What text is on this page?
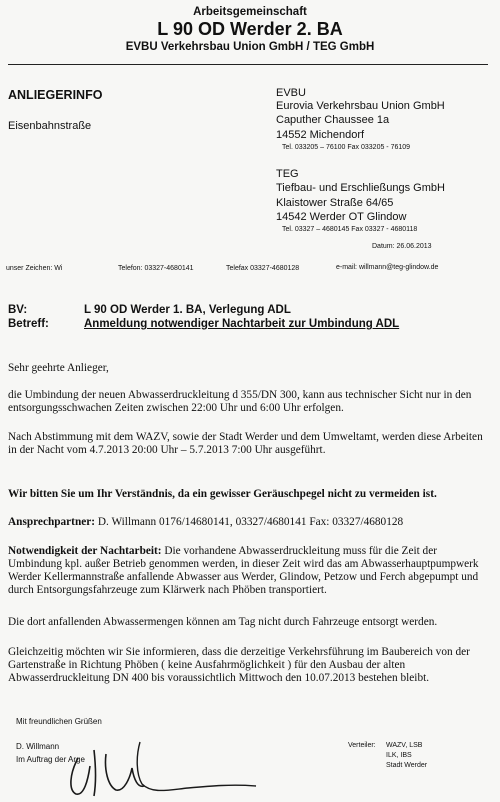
Arbeitsgemeinschaft
L 90 OD Werder 2. BA
EVBU Verkehrsbau Union GmbH / TEG GmbH
ANLIEGERINFO
Eisenbahnstraße
EVBU
Eurovia Verkehrsbau Union GmbH
Caputher Chaussee 1a
14552 Michendorf
Tel. 033205 – 76100 Fax 033205 - 76109
TEG
Tiefbau- und Erschließungs GmbH
Klaistower Straße 64/65
14542 Werder OT Glindow
Tel. 03327 – 4680145 Fax 03327 - 4680118
Datum: 26.06.2013
unser Zeichen: Wi	Telefon: 03327-4680141	Telefax 03327-4680128	e-mail: willmann@teg-glindow.de
BV:	L 90 OD Werder 1. BA, Verlegung ADL
Betreff:	Anmeldung notwendiger Nachtarbeit zur Umbindung ADL
Sehr geehrte Anlieger,
die Umbindung der neuen Abwasserdruckleitung d 355/DN 300, kann aus technischer Sicht nur in den entsorgungsschwachen Zeiten zwischen 22:00 Uhr und 6:00 Uhr erfolgen.
Nach Abstimmung mit dem WAZV, sowie der Stadt Werder und dem Umweltamt, werden diese Arbeiten in der Nacht vom 4.7.2013 20:00 Uhr – 5.7.2013 7:00 Uhr ausgeführt.
Wir bitten Sie um Ihr Verständnis, da ein gewisser Geräuschpegel nicht zu vermeiden ist.
Ansprechpartner: D. Willmann 0176/14680141, 03327/4680141 Fax: 03327/4680128
Notwendigkeit der Nachtarbeit: Die vorhandene Abwasserdruckleitung muss für die Zeit der Umbindung kpl. außer Betrieb genommen werden, in dieser Zeit wird das am Abwasserhauptpumpwerk Werder Kellermannstraße anfallende Abwasser aus Werder, Glindow, Petzow und Ferch abgepumpt und durch Entsorgungsfahrzeuge zum Klärwerk nach Phöben transportiert.
Die dort anfallenden Abwassermengen können am Tag nicht durch Fahrzeuge entsorgt werden.
Gleichzeitig möchten wir Sie informieren, dass die derzeitige Verkehrsführung im Baubereich von der Gartenstraße in Richtung Phöben ( keine Ausfahrmöglichkeit ) für den Ausbau der alten Abwasserdruckleitung DN 400 bis voraussichtlich Mittwoch den 10.07.2013 bestehen bleibt.
Mit freundlichen Grüßen
D. Willmann
Im Auftrag der Arge
Verteiler: WAZV, LSB
ILK, IBS
Stadt Werder
